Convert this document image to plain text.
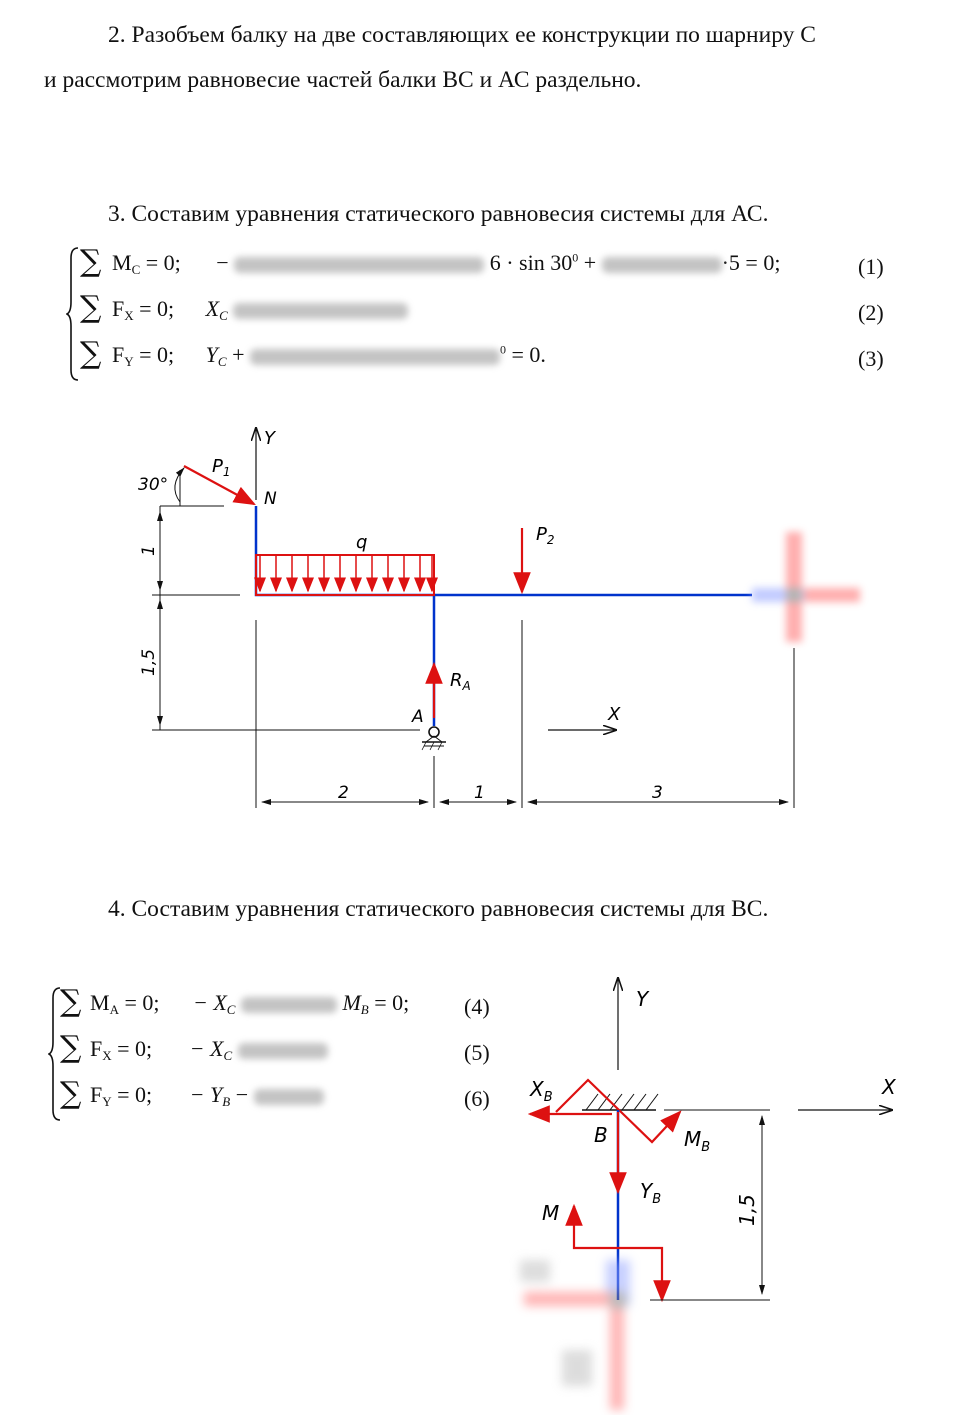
2. Разобъем балку на две составляющих ее конструкции по шарниру С
и рассмотрим равновесие частей балки ВС и АС раздельно.
3. Составим уравнения статического равновесия системы для АС.
∑ $M_C = 0$; −	$6 \cdot \sin 30^0$ +	·5 = 0;	(1)
∑ $F_X = 0$; $X_C$	(2)
∑ $F_Y = 0$; $Y_C$ +	$^0$ = 0.	(3)
Y
q
$P_1$
N
30°
$P_2$
$R_A$
A	X
1
1,5
2	1	3
4. Составим уравнения статического равновесия системы для ВС.
∑ $M_A = 0$; − $X_C$	$M_B = 0$; (4)
∑ $F_X = 0$; − $X_C$	(5)
∑ $F_Y = 0$; − $Y_B$ −	(6)
Y
X
$X_B$
B	$M_B$
$Y_B$
M	1,5
